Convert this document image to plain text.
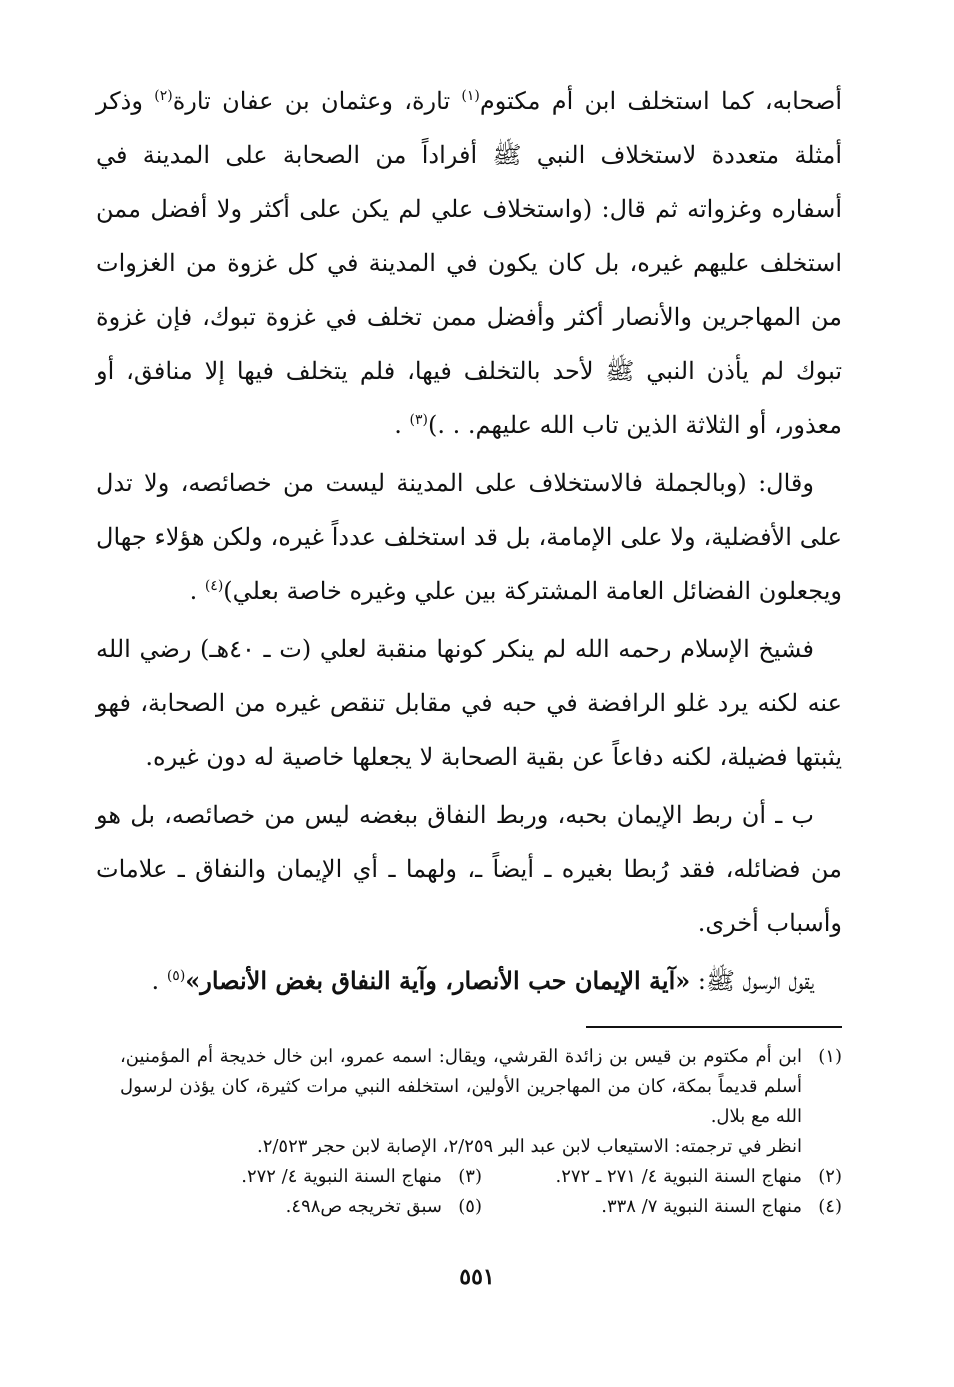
أصحابه، كما استخلف ابن أم مكتوم$^{(١)}$ تارة، وعثمان بن عفان تارة$^{(٢)}$ وذكر أمثلة متعددة لاستخلاف النبي ﷺ أفراداً من الصحابة على المدينة في أسفاره وغزواته ثم قال: (واستخلاف علي لم يكن على أكثر ولا أفضل ممن استخلف عليهم غيره، بل كان يكون في المدينة في كل غزوة من الغزوات من المهاجرين والأنصار أكثر وأفضل ممن تخلف في غزوة تبوك، فإن غزوة تبوك لم يأذن النبي ﷺ لأحد بالتخلف فيها، فلم يتخلف فيها إلا منافق، أو معذور، أو الثلاثة الذين تاب الله عليهم. . .)$^{(٣)}$ .

وقال: (وبالجملة فالاستخلاف على المدينة ليست من خصائصه، ولا تدل على الأفضلية، ولا على الإمامة، بل قد استخلف عدداً غيره، ولكن هؤلاء جهال ويجعلون الفضائل العامة المشتركة بين علي وغيره خاصة بعلي)$^{(٤)}$ .

فشيخ الإسلام رحمه الله لم ينكر كونها منقبة لعلي (ت ـ ٤٠هـ) رضي الله عنه لكنه يرد غلو الرافضة في حبه في مقابل تنقص غيره من الصحابة، فهو يثبتها فضيلة، لكنه دفاعاً عن بقية الصحابة لا يجعلها خاصية له دون غيره.

ب ـ أن ربط الإيمان بحبه، وربط النفاق ببغضه ليس من خصائصه، بل هو من فضائله، فقد رُبطا بغيره ـ أيضاً ـ، ولهما ـ أي الإيمان والنفاق ـ علامات وأسباب أخرى.

يقول الرسول ﷺ: «آية الإيمان حب الأنصار، وآية النفاق بغض الأنصار»$^{(٥)}$ .

(١)
ابن أم مكتوم بن قيس بن زائدة القرشي، ويقال: اسمه عمرو، ابن خال خديجة أم المؤمنين، أسلم قديماً بمكة، كان من المهاجرين الأولين، استخلفه النبي مرات كثيرة، كان يؤذن لرسول الله مع بلال.
انظر في ترجمته: الاستيعاب لابن عبد البر ٢/٢٥٩، الإصابة لابن حجر ٢/٥٢٣.
(٢)
منهاج السنة النبوية ٤/ ٢٧١ ـ ٢٧٢.
(٣)
منهاج السنة النبوية ٤/ ٢٧٢.
(٤)
منهاج السنة النبوية ٧/ ٣٣٨.
(٥)
سبق تخريجه ص٤٩٨.
٥٥١
